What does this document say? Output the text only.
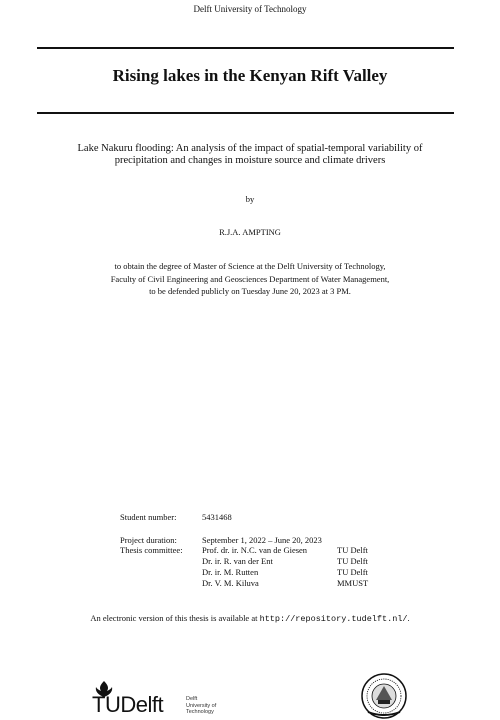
Delft University of Technology
Rising lakes in the Kenyan Rift Valley
Lake Nakuru flooding: An analysis of the impact of spatial-temporal variability of
precipitation and changes in moisture source and climate drivers
by
R.J.A. AMPTING
to obtain the degree of Master of Science at the Delft University of Technology,
Faculty of Civil Engineering and Geosciences Department of Water Management,
to be defended publicly on Tuesday June 20, 2023 at 3 PM.
Student number:	5431468
Project duration:	September 1, 2022 – June 20, 2023
Thesis committee: Prof. dr. ir. N.C. van de Giesen	TU Delft
Dr. ir. R. van der Ent	TU Delft
Dr. ir. M. Rutten	TU Delft
Dr. V. M. Kiluva	MMUST
An electronic version of this thesis is available at http://repository.tudelft.nl/.
TUDelft	Delft
University of
Technology
